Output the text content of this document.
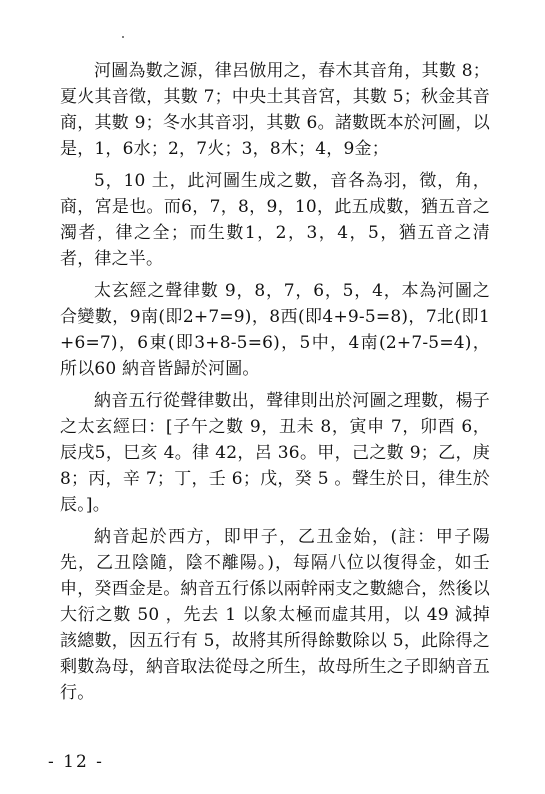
河圖為數之源，律呂倣用之，春木其音角，其數 8；夏火其音徵，其數 7；中央土其音宮，其數 5；秋金其音商，其數 9；冬水其音羽，其數 6。諸數既本於河圖，以是，1，6水；2，7火；3，8木；4，9金；

5，10 土，此河圖生成之數，音各為羽，徵，角，商，宮是也。而6，7，8，9，10，此五成數，猶五音之濁者，律之全；而生數1，2，3，4，5，猶五音之清者，律之半。

太玄經之聲律數 9，8，7，6，5，4，本為河圖之合變數，9南(即2+7=9)，8西(即4+9-5=8)，7北(即1+6=7)，6東(即3+8-5=6)，5中，4南(2+7-5=4)，所以60 納音皆歸於河圖。

納音五行從聲律數出，聲律則出於河圖之理數，楊子之太玄經曰：[子午之數 9，丑未 8，寅申 7，卯酉 6，辰戌5，巳亥 4。律 42，呂 36。甲，己之數 9；乙，庚8；丙，辛 7；丁，壬 6；戊，癸 5 。聲生於日，律生於辰。]。

納音起於西方，即甲子，乙丑金始，(註：甲子陽先，乙丑陰隨，陰不離陽。)，每隔八位以復得金，如壬申，癸酉金是。納音五行係以兩幹兩支之數總合，然後以大衍之數 50 ，先去 1 以象太極而虛其用，以 49 減掉該總數，因五行有 5，故將其所得餘數除以 5，此除得之剩數為母，納音取法從母之所生，故母所生之子即納音五行。

- 12 -
